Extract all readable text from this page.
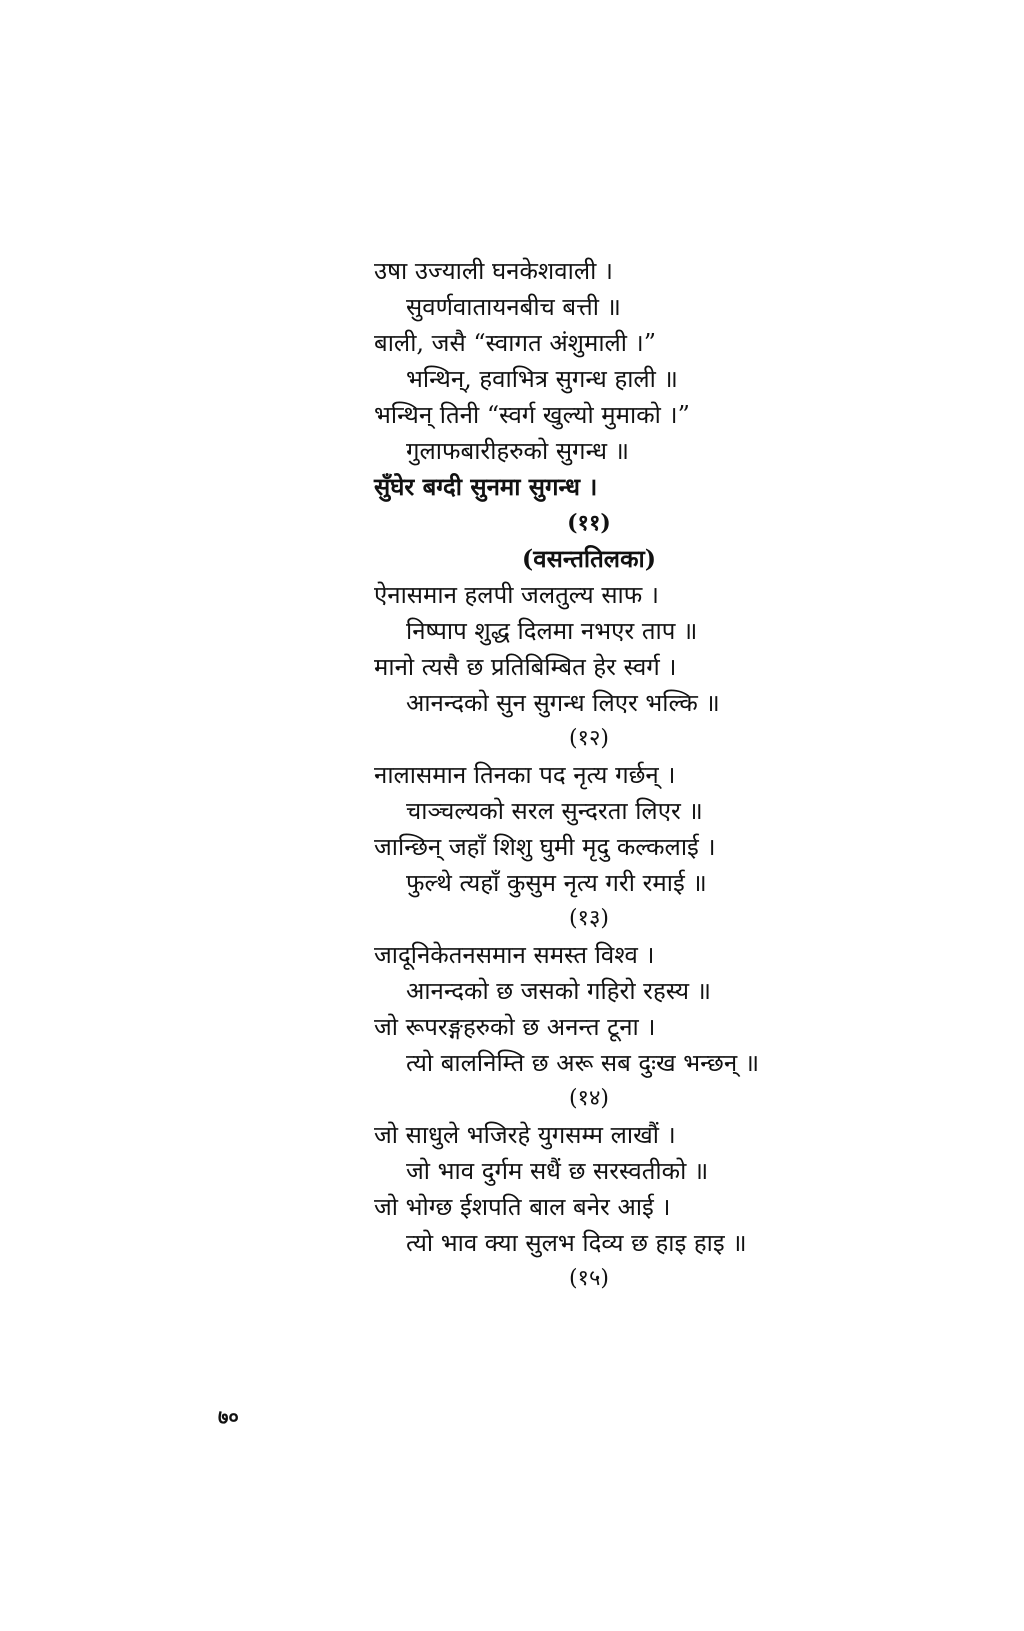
उषा उज्याली घनकेशवाली ।
सुवर्णवातायनबीच बत्ती ॥
बाली, जसै “स्वागत अंशुमाली ।”
भन्थिन्, हवाभित्र सुगन्ध हाली ॥
भन्थिन् तिनी “स्वर्ग खुल्यो मुमाको ।”
गुलाफबारीहरुको सुगन्ध ॥
सुँघेर बग्दी सुनमा सुगन्ध ।
(११)
(वसन्ततिलका)
ऐनासमान हलपी जलतुल्य साफ ।
निष्पाप शुद्ध दिलमा नभएर ताप ॥
मानो त्यसै छ प्रतिबिम्बित हेर स्वर्ग ।
आनन्दको सुन सुगन्ध लिएर भल्कि ॥
(१२)
नालासमान तिनका पद नृत्य गर्छन् ।
चाञ्चल्यको सरल सुन्दरता लिएर ॥
जान्छिन् जहाँ शिशु घुमी मृदु कल्कलाई ।
फुल्थे त्यहाँ कुसुम नृत्य गरी रमाई ॥
(१३)
जादूनिकेतनसमान समस्त विश्व ।
आनन्दको छ जसको गहिरो रहस्य ॥
जो रूपरङ्गहरुको छ अनन्त टूना ।
त्यो बालनिम्ति छ अरू सब दुःख भन्छन् ॥
(१४)
जो साधुले भजिरहे युगसम्म लाखौं ।
जो भाव दुर्गम सधैं छ सरस्वतीको ॥
जो भोग्छ ईशपति बाल बनेर आई ।
त्यो भाव क्या सुलभ दिव्य छ हाइ हाइ ॥
(१५)
७०
